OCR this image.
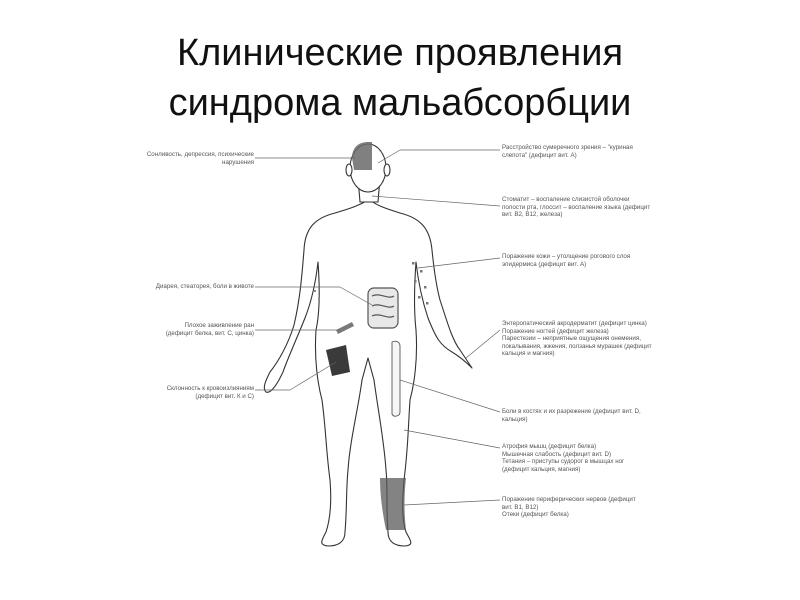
Клинические проявления
синдрома мальабсорбции
Сонливость, депрессия, психические
нарушения
Диарея, стеаторея, боли в животе
Плохое заживление ран
(дефицит белка, вит. С, цинка)
Склонность к кровоизлияниям
(дефицит вит. К и С)
Расстройство сумеречного зрения – "куриная
слепота" (дефицит вит. А)
Стоматит – воспаление слизистой оболочки
полости рта, глоссит – воспаление языка (дефицит
вит. B2, B12, железа)
Поражение кожи – утолщение рогового слоя
эпидермиса (дефицит вит. А)
Энтеропатический акродерматит (дефицит цинка)
Поражение ногтей (дефицит железа)
Парестезии – неприятные ощущения онемения,
покалывания, жжения, ползанья мурашек (дефицит
кальция и магния)
Боли в костях и их разрежение (дефицит вит. D,
кальция)
Атрофия мышц (дефицит белка)
Мышечная слабость (дефицит вит. D)
Тетания – приступы судорог в мышцах ног
(дефицит кальция, магния)
Поражение периферических нервов (дефицит
вит. B1, B12)
Отеки (дефицит белка)
